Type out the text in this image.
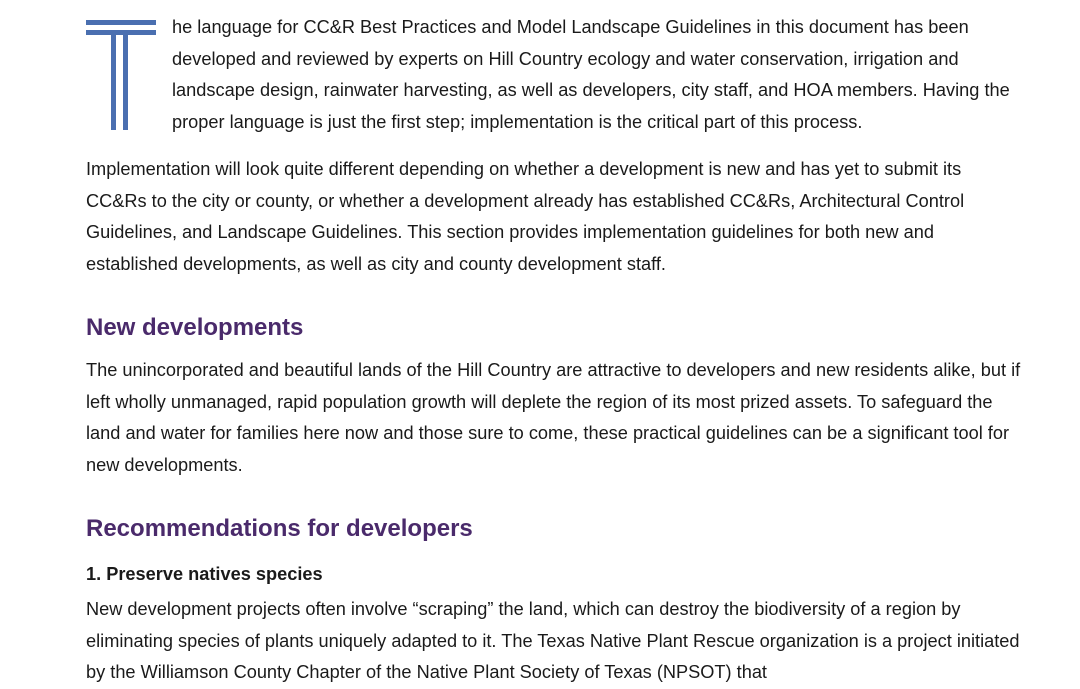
he language for CC&R Best Practices and Model Landscape Guidelines in this document has been developed and reviewed by experts on Hill Country ecology and water conservation, irrigation and landscape design, rainwater harvesting, as well as developers, city staff, and HOA members. Having the proper language is just the first step; implementation is the critical part of this process.

Implementation will look quite different depending on whether a development is new and has yet to submit its CC&Rs to the city or county, or whether a development already has established CC&Rs, Architectural Control Guidelines, and Landscape Guidelines. This section provides implementation guidelines for both new and established developments, as well as city and county development staff.

New developments

The unincorporated and beautiful lands of the Hill Country are attractive to developers and new residents alike, but if left wholly unmanaged, rapid population growth will deplete the region of its most prized assets. To safeguard the land and water for families here now and those sure to come, these practical guidelines can be a significant tool for new developments.

Recommendations for developers
1. Preserve natives species

New development projects often involve “scraping” the land, which can destroy the biodiversity of a region by eliminating species of plants uniquely adapted to it. The Texas Native Plant Rescue organization is a project initiated by the Williamson County Chapter of the Native Plant Society of Texas (NPSOT) that
